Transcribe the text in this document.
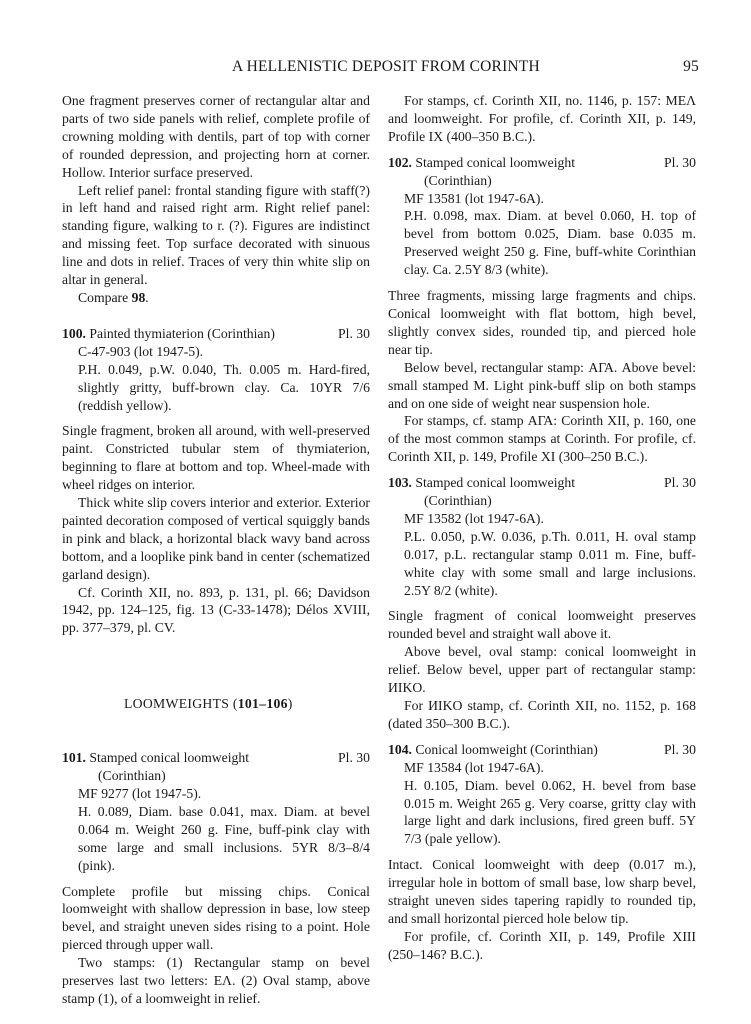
A HELLENISTIC DEPOSIT FROM CORINTH	95

One fragment preserves corner of rectangular altar and parts of two side panels with relief, complete profile of crowning molding with dentils, part of top with corner of rounded depression, and projecting horn at corner. Hollow. Interior surface preserved.

Left relief panel: frontal standing figure with staff(?) in left hand and raised right arm. Right relief panel: standing figure, walking to r. (?). Figures are indistinct and missing feet. Top surface decorated with sinuous line and dots in relief. Traces of very thin white slip on altar in general.

Compare 98.

100. Painted thymiaterion (Corinthian)	Pl. 30

C-47-903 (lot 1947-5).

P.H. 0.049, p.W. 0.040, Th. 0.005 m. Hard-fired, slightly gritty, buff-brown clay. Ca. 10YR 7/6 (reddish yellow).

Single fragment, broken all around, with well-preserved paint. Constricted tubular stem of thymiaterion, beginning to flare at bottom and top. Wheel-made with wheel ridges on interior.

Thick white slip covers interior and exterior. Exterior painted decoration composed of vertical squiggly bands in pink and black, a horizontal black wavy band across bottom, and a looplike pink band in center (schematized garland design).

Cf. Corinth XII, no. 893, p. 131, pl. 66; Davidson 1942, pp. 124–125, fig. 13 (C-33-1478); Délos XVIII, pp. 377–379, pl. CV.

LOOMWEIGHTS (101–106)

101. Stamped conical loomweight

(Corinthian)

Pl. 30

MF 9277 (lot 1947-5).

H. 0.089, Diam. base 0.041, max. Diam. at bevel 0.064 m. Weight 260 g. Fine, buff-pink clay with some large and small inclusions. 5YR 8/3–8/4 (pink).

Complete profile but missing chips. Conical loomweight with shallow depression in base, low steep bevel, and straight uneven sides rising to a point. Hole pierced through upper wall.

Two stamps: (1) Rectangular stamp on bevel preserves last two letters: ΕΛ. (2) Oval stamp, above stamp (1), of a loomweight in relief.

For stamps, cf. Corinth XII, no. 1146, p. 157: ΜΕΛ and loomweight. For profile, cf. Corinth XII, p. 149, Profile IX (400–350 B.C.).

102. Stamped conical loomweight

(Corinthian)

Pl. 30

MF 13581 (lot 1947-6A).

P.H. 0.098, max. Diam. at bevel 0.060, H. top of bevel from bottom 0.025, Diam. base 0.035 m. Preserved weight 250 g. Fine, buff-white Corinthian clay. Ca. 2.5Y 8/3 (white).

Three fragments, missing large fragments and chips. Conical loomweight with flat bottom, high bevel, slightly convex sides, rounded tip, and pierced hole near tip.

Below bevel, rectangular stamp: ΑΓΑ. Above bevel: small stamped M. Light pink-buff slip on both stamps and on one side of weight near suspension hole.

For stamps, cf. stamp ΑΓΑ: Corinth XII, p. 160, one of the most common stamps at Corinth. For profile, cf. Corinth XII, p. 149, Profile XI (300–250 B.C.).

103. Stamped conical loomweight

(Corinthian)

Pl. 30

MF 13582 (lot 1947-6A).

P.L. 0.050, p.W. 0.036, p.Th. 0.011, H. oval stamp 0.017, p.L. rectangular stamp 0.011 m. Fine, buff-white clay with some small and large inclusions. 2.5Y 8/2 (white).

Single fragment of conical loomweight preserves rounded bevel and straight wall above it.

Above bevel, oval stamp: conical loomweight in relief. Below bevel, upper part of rectangular stamp: ИIKO.

For ИIKO stamp, cf. Corinth XII, no. 1152, p. 168 (dated 350–300 B.C.).

104. Conical loomweight (Corinthian)	Pl. 30

MF 13584 (lot 1947-6A).

H. 0.105, Diam. bevel 0.062, H. bevel from base 0.015 m. Weight 265 g. Very coarse, gritty clay with large light and dark inclusions, fired green buff. 5Y 7/3 (pale yellow).

Intact. Conical loomweight with deep (0.017 m.), irregular hole in bottom of small base, low sharp bevel, straight uneven sides tapering rapidly to rounded tip, and small horizontal pierced hole below tip.

For profile, cf. Corinth XII, p. 149, Profile XIII (250–146? B.C.).
